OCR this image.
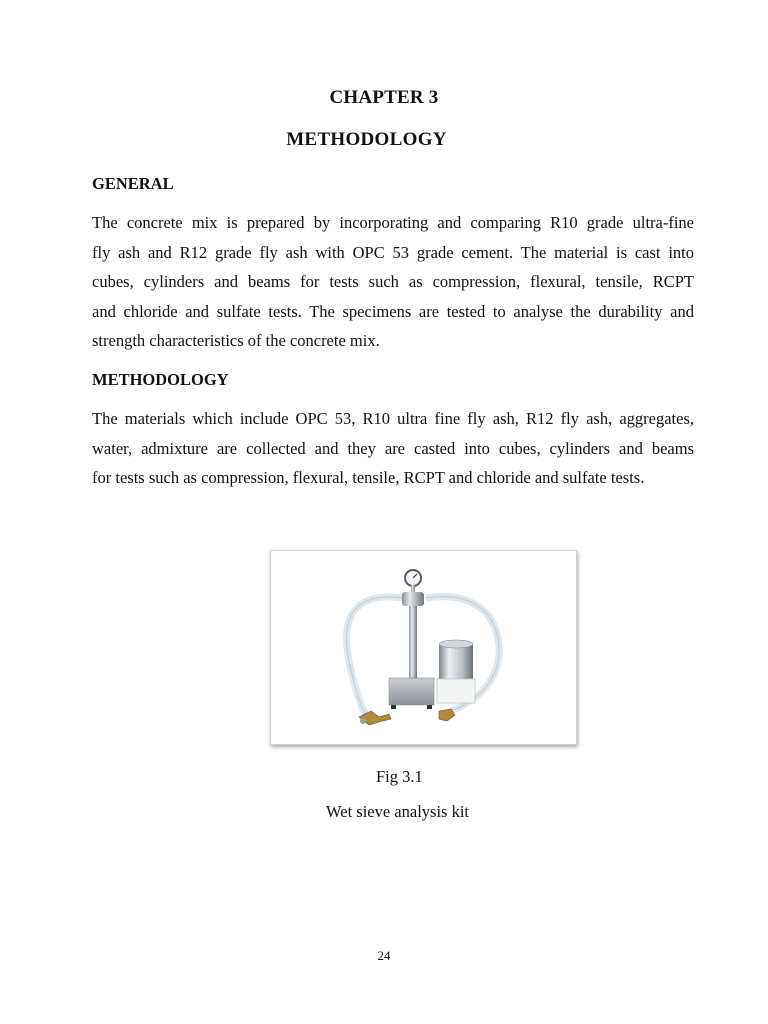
CHAPTER 3
METHODOLOGY
GENERAL

The concrete mix is prepared by incorporating and comparing R10 grade ultra-fine
fly ash and R12 grade fly ash with OPC 53 grade cement. The material is cast into
cubes, cylinders and beams for tests such as compression, flexural, tensile, RCPT
and chloride and sulfate tests. The specimens are tested to analyse the durability and
strength characteristics of the concrete mix.

METHODOLOGY

The materials which include OPC 53, R10 ultra fine fly ash, R12 fly ash, aggregates,
water, admixture are collected and they are casted into cubes, cylinders and beams
for tests such as compression, flexural, tensile, RCPT and chloride and sulfate tests.

Fig 3.1
Wet sieve analysis kit
24
